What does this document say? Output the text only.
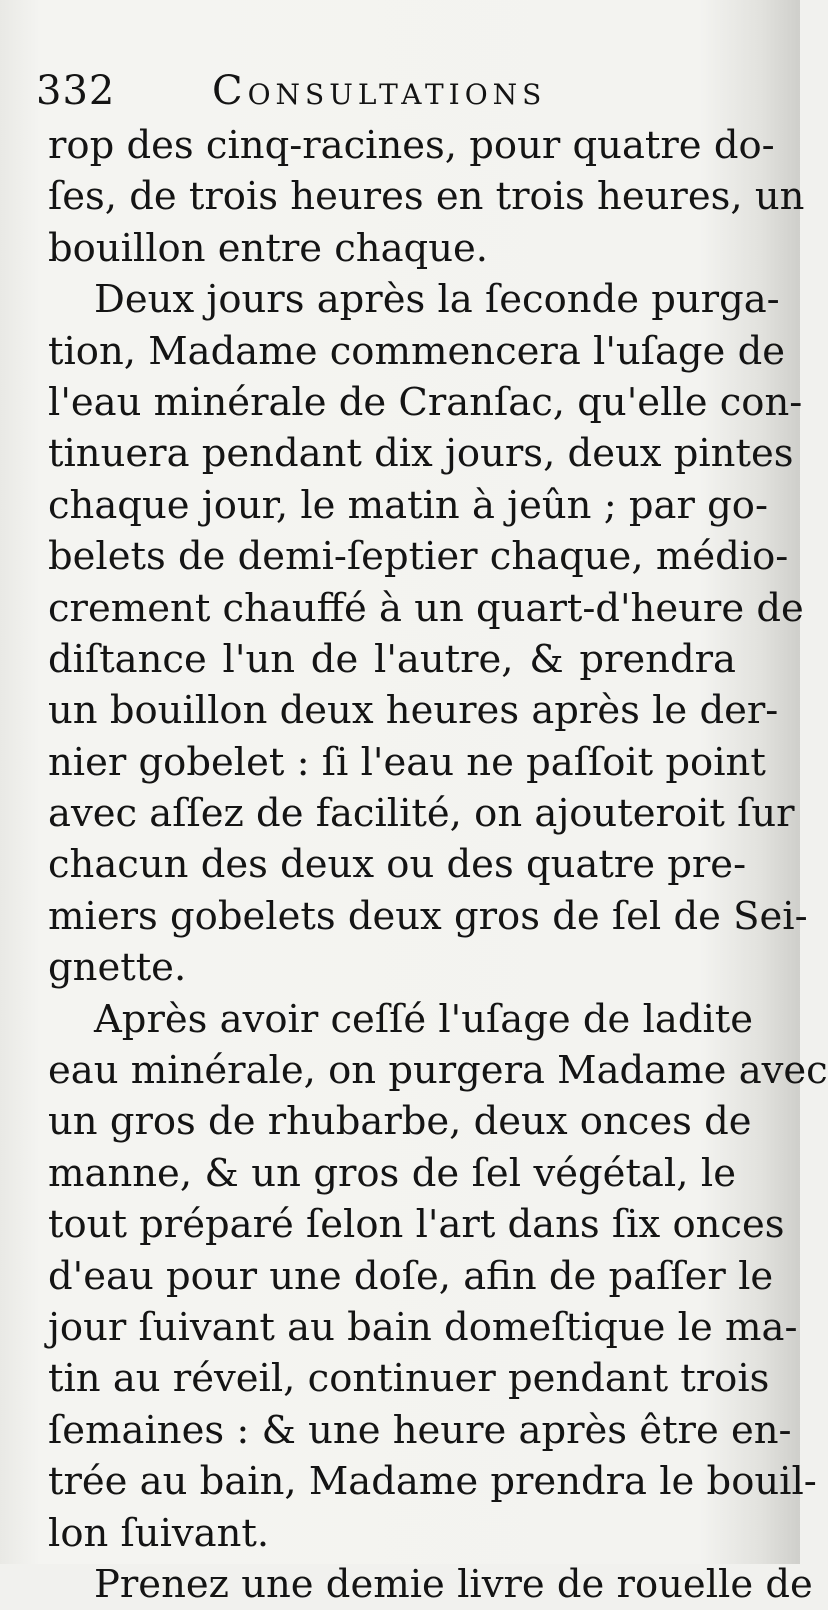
332 Consultations
rop des cinq-racines, pour quatre do-
ſes, de trois heures en trois heures, un
bouillon entre chaque.
Deux jours après la ſeconde purga-
tion, Madame commencera l'uſage de
l'eau minérale de Cranſac, qu'elle con-
tinuera pendant dix jours, deux pintes
chaque jour, le matin à jeûn ; par go-
belets de demi-ſeptier chaque, médio-
crement chauffé à un quart-d'heure de
diſtance l'un de l'autre, & prendra
un bouillon deux heures après le der-
nier gobelet : ſi l'eau ne paſſoit point
avec aſſez de facilité, on ajouteroit ſur
chacun des deux ou des quatre pre-
miers gobelets deux gros de ſel de Sei-
gnette.
Après avoir ceſſé l'uſage de ladite
eau minérale, on purgera Madame avec
un gros de rhubarbe, deux onces de
manne, & un gros de ſel végétal, le
tout préparé ſelon l'art dans ſix onces
d'eau pour une doſe, afin de paſſer le
jour ſuivant au bain domeſtique le ma-
tin au réveil, continuer pendant trois
ſemaines : & une heure après être en-
trée au bain, Madame prendra le bouil-
lon ſuivant.
Prenez une demie livre de rouelle de
